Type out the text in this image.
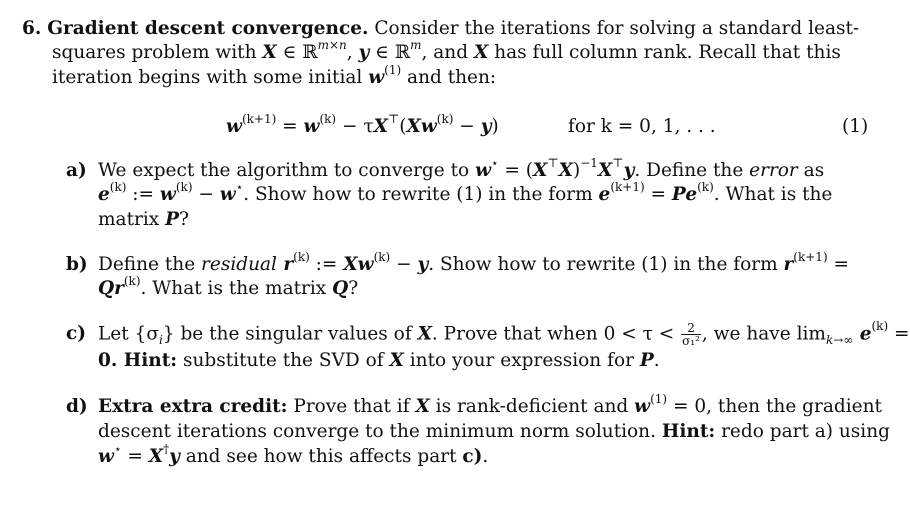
6. Gradient descent convergence. Consider the iterations for solving a standard least-
squares problem with X ∈ ℝ$^{m\times n}$, y ∈ ℝ$^m$, and X has full column rank. Recall that this
iteration begins with some initial $w^{(1)}$ and then:
$w^{(k+1)} = w^{(k)} - \tau X^⊤(Xw^{(k)} - y)$	for k = 0, 1, . . .	(1)
a) We expect the algorithm to converge to $w^⋆ = (X^⊤X)^{-1}X^⊤y$. Define the error as
$e^{(k)}$ := $w^{(k)} - w^⋆$. Show how to rewrite (1) in the form $e^{(k+1)} = Pe^{(k)}$. What is the
matrix P?
b) Define the residual $r^{(k)}$ := $Xw^{(k)} - y$. Show how to rewrite (1) in the form $r^{(k+1)}$ =
$Qr^{(k)}$. What is the matrix Q?
c) Let $\{\sigma_i\}$ be the singular values of X. Prove that when $0 < \tau < \frac{2}{\text{σ₁²}}$ , we have $\lim_{k\to\infty} e^{(k)}$ =
0. Hint: substitute the SVD of X into your expression for P.
d) Extra extra credit: Prove that if X is rank-deficient and $w^{(1)} = 0$, then the gradient
descent iterations converge to the minimum norm solution. Hint: redo part a) using
w⋆ = X†y and see how this affects part c).
